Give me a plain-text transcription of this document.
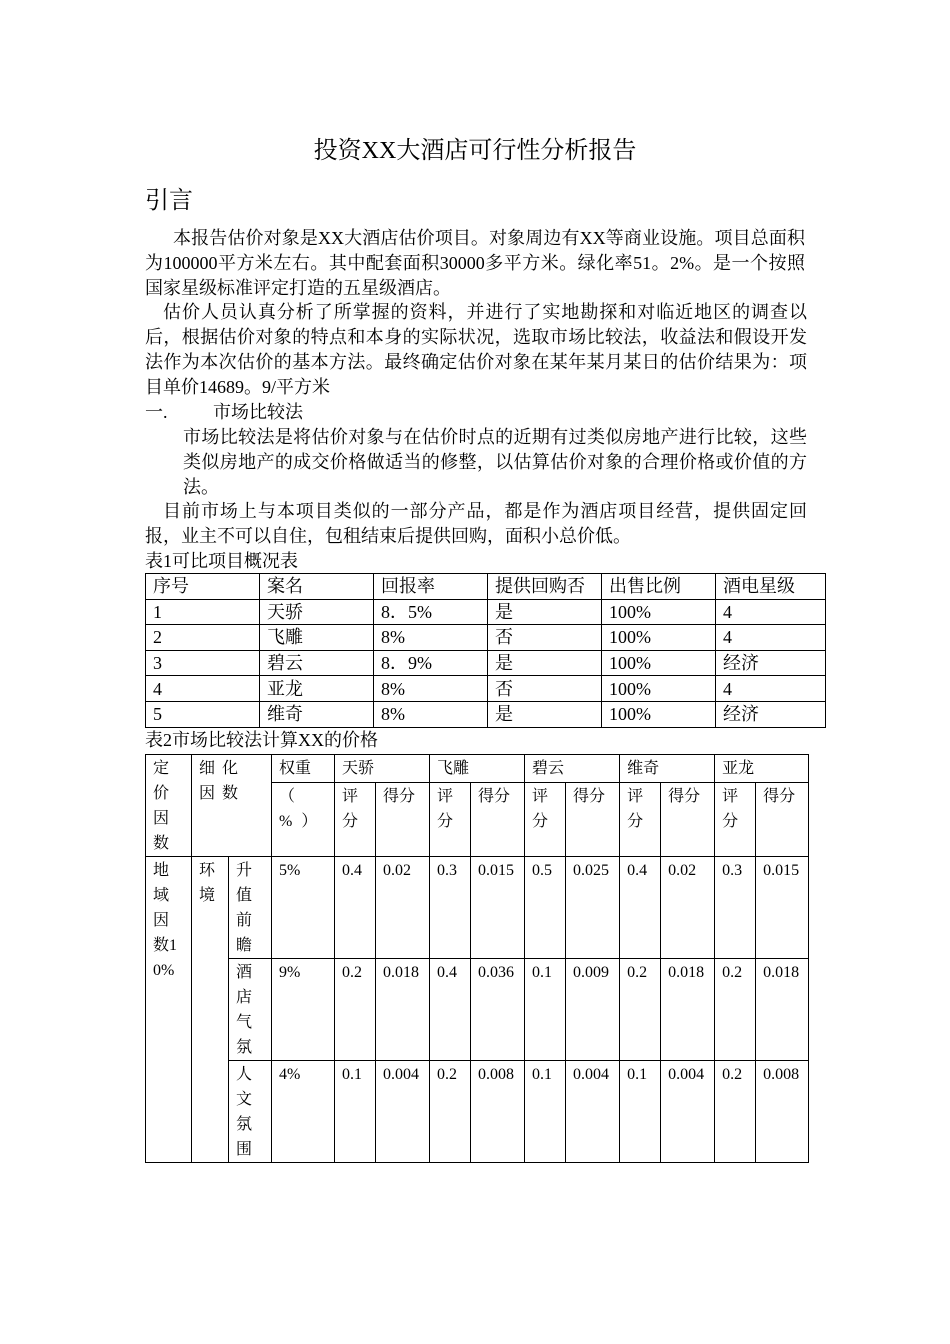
投资XX大酒店可行性分析报告
引言
本报告估价对象是XX大酒店估价项目。对象周边有XX等商业设施。项目总面积为100000平方米左右。其中配套面积30000多平方米。绿化率51。2%。是一个按照国家星级标准评定打造的五星级酒店。
估价人员认真分析了所掌握的资料，并进行了实地勘探和对临近地区的调查以后，根据估价对象的特点和本身的实际状况，选取市场比较法，收益法和假设开发法作为本次估价的基本方法。最终确定估价对象在某年某月某日的估价结果为：项目单价14689。9/平方米
一.	市场比较法
市场比较法是将估价对象与在估价时点的近期有过类似房地产进行比较，这些类似房地产的成交价格做适当的修整，以估算估价对象的合理价格或价值的方法。
目前市场上与本项目类似的一部分产品，都是作为酒店项目经营，提供固定回报，业主不可以自住，包租结束后提供回购，面积小总价低。
表1可比项目概况表
序号	案名	回报率	提供回购否	出售比例	酒电星级
1	天骄	8．5%	是	100%	4
2	飞雕	8%	否	100%	4
3	碧云	8．9%	是	100%	经济
4	亚龙	8%	否	100%	4
5	维奇	8%	是	100%	经济
表2市场比较法计算XX的价格
定价因数	细化因数		权重	天骄		飞雕		碧云		维奇		亚龙	
			（ %）	评分	得分	评分	得分	评分	得分	评分	得分	评分	得分
地域因数10%	环境	升值前瞻	5%	0.4	0.02	0.3	0.015	0.5	0.025	0.4	0.02	0.3	0.015
		酒店气氛	9%	0.2	0.018	0.4	0.036	0.1	0.009	0.2	0.018	0.2	0.018
		人文氛围	4%	0.1	0.004	0.2	0.008	0.1	0.004	0.1	0.004	0.2	0.008
